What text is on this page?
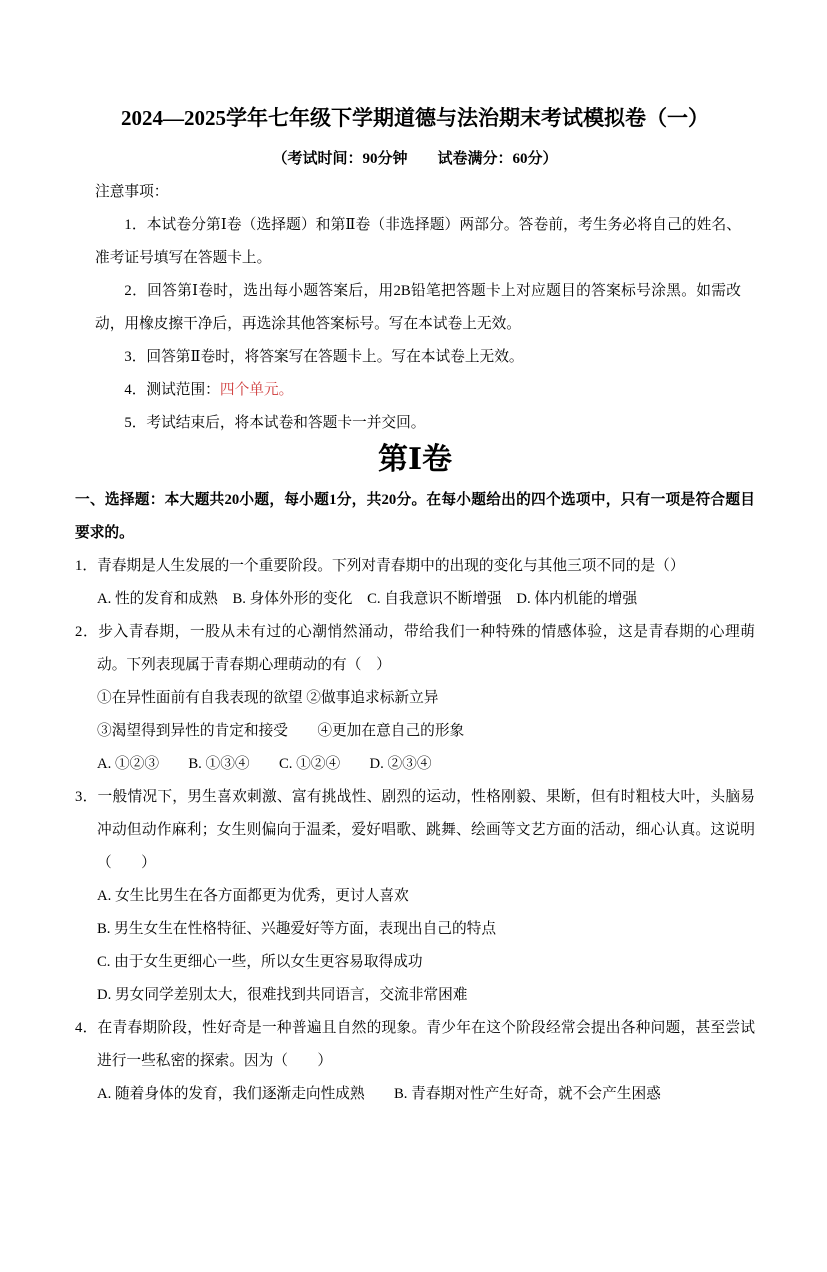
2024—2025学年七年级下学期道德与法治期末考试模拟卷（一）
（考试时间：90分钟　　试卷满分：60分）

注意事项：

1．本试卷分第Ⅰ卷（选择题）和第Ⅱ卷（非选择题）两部分。答卷前，考生务必将自己的姓名、准考证号填写在答题卡上。

2．回答第Ⅰ卷时，选出每小题答案后，用2B铅笔把答题卡上对应题目的答案标号涂黑。如需改动，用橡皮擦干净后，再选涂其他答案标号。写在本试卷上无效。

3．回答第Ⅱ卷时，将答案写在答题卡上。写在本试卷上无效。

4．测试范围：四个单元。

5．考试结束后，将本试卷和答题卡一并交回。

第Ⅰ卷

一、选择题：本大题共20小题，每小题1分，共20分。在每小题给出的四个选项中，只有一项是符合题目要求的。

1．青春期是人生发展的一个重要阶段。下列对青春期中的出现的变化与其他三项不同的是（）

A. 性的发育和成熟　B. 身体外形的变化　C. 自我意识不断增强　D. 体内机能的增强

2．步入青春期，一股从未有过的心潮悄然涌动，带给我们一种特殊的情感体验，这是青春期的心理萌动。下列表现属于青春期心理萌动的有（　）

①在异性面前有自我表现的欲望 ②做事追求标新立异

③渴望得到异性的肯定和接受　　④更加在意自己的形象

A. ①②③　　B. ①③④　　C. ①②④　　D. ②③④

3．一般情况下，男生喜欢刺激、富有挑战性、剧烈的运动，性格刚毅、果断，但有时粗枝大叶，头脑易冲动但动作麻利；女生则偏向于温柔，爱好唱歌、跳舞、绘画等文艺方面的活动，细心认真。这说明（　　）

A. 女生比男生在各方面都更为优秀，更讨人喜欢

B. 男生女生在性格特征、兴趣爱好等方面，表现出自己的特点

C. 由于女生更细心一些，所以女生更容易取得成功

D. 男女同学差别太大，很难找到共同语言，交流非常困难

4．在青春期阶段，性好奇是一种普遍且自然的现象。青少年在这个阶段经常会提出各种问题，甚至尝试进行一些私密的探索。因为（　　）

A. 随着身体的发育，我们逐渐走向性成熟　　B. 青春期对性产生好奇，就不会产生困惑
